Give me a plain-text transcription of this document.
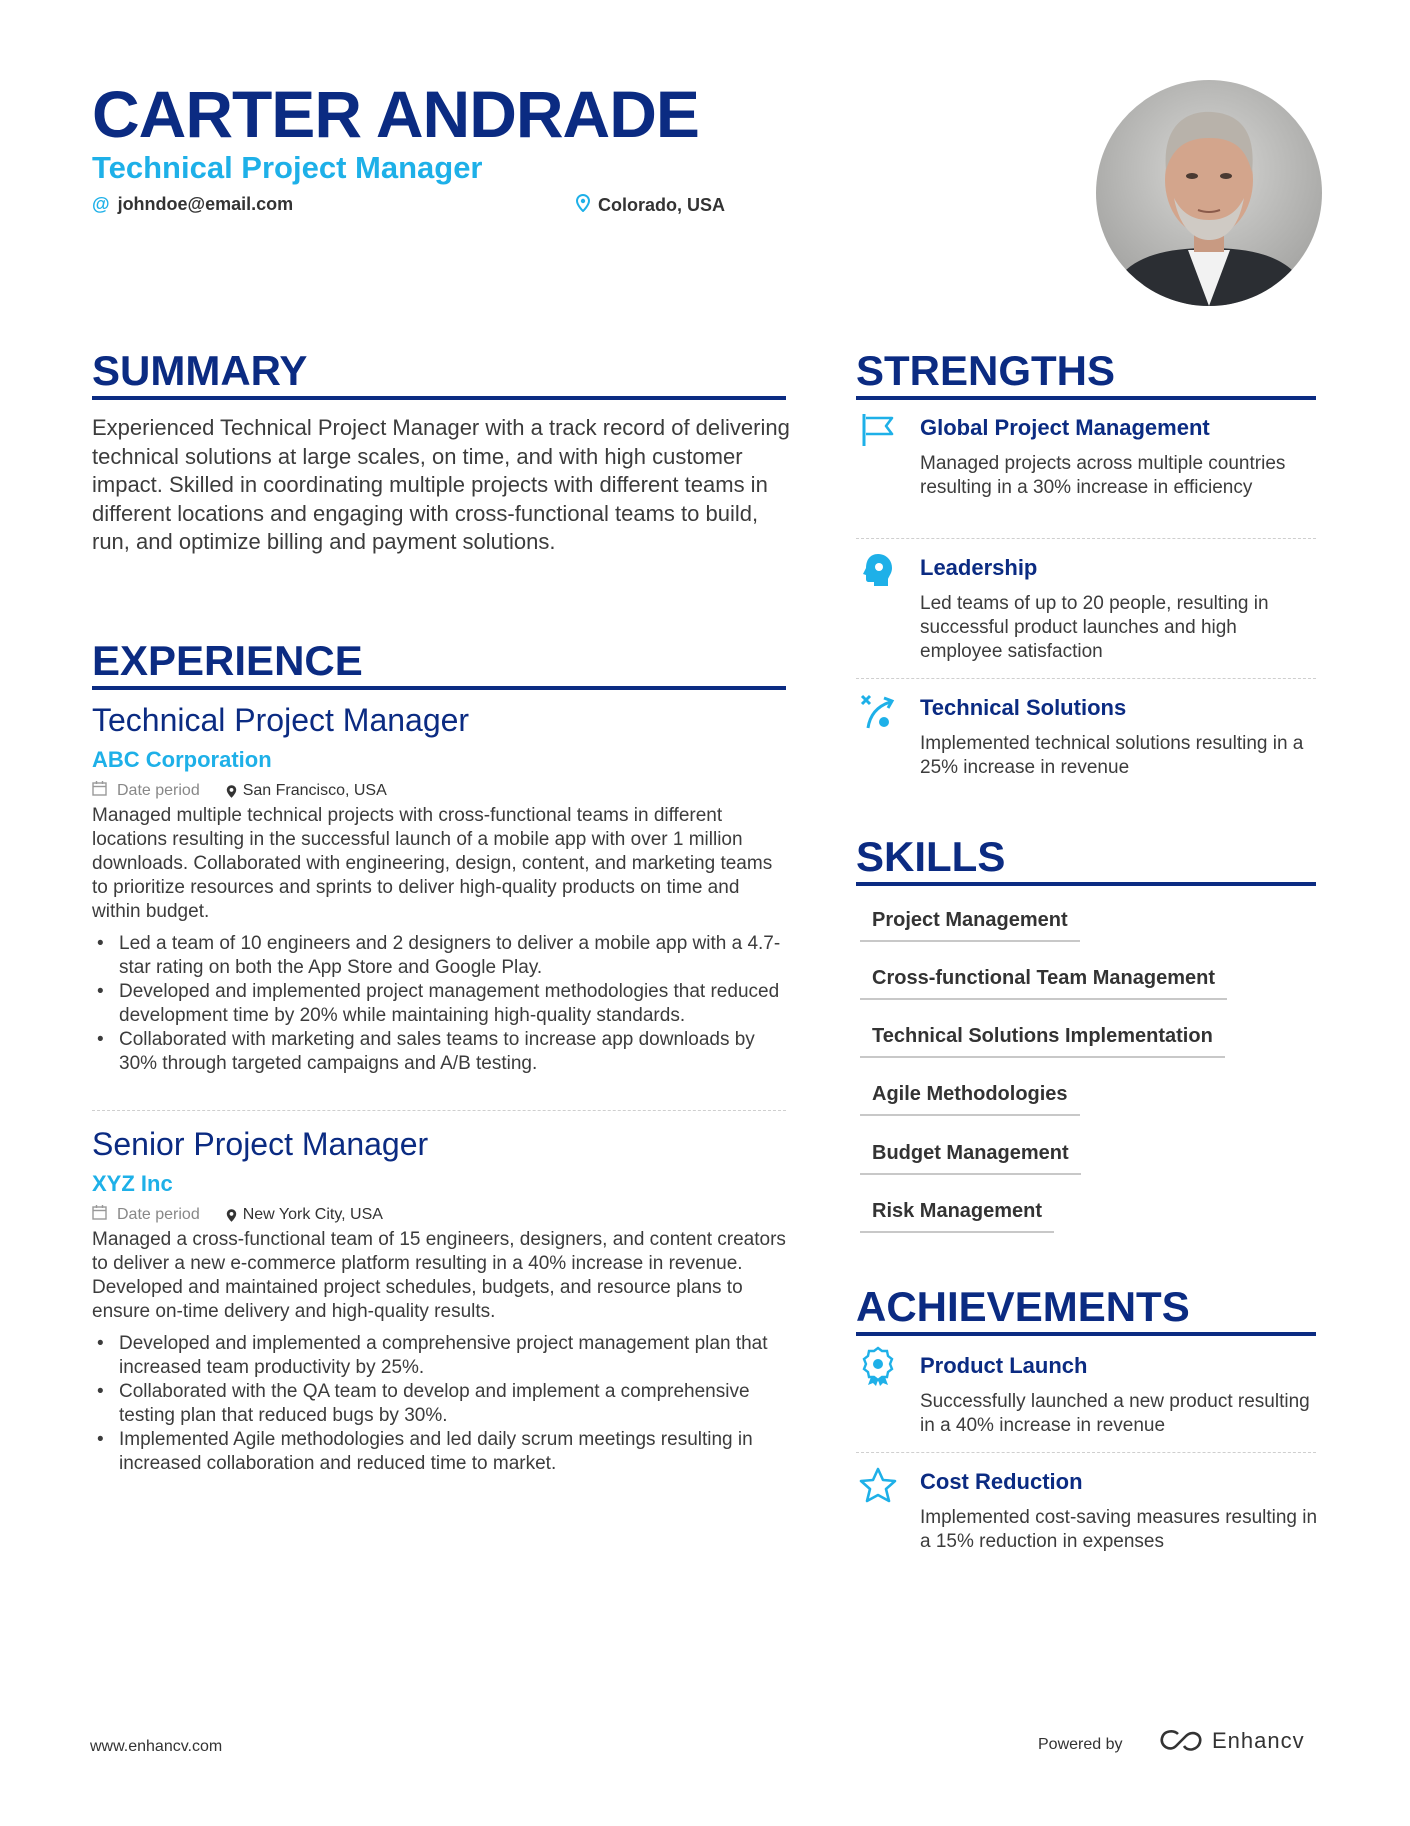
CARTER ANDRADE
Technical Project Manager
@ johndoe@email.com	Colorado, USA
SUMMARY

Experienced Technical Project Manager with a track record of delivering technical solutions at large scales, on time, and with high customer impact. Skilled in coordinating multiple projects with different teams in different locations and engaging with cross-functional teams to build, run, and optimize billing and payment solutions.

EXPERIENCE
Technical Project Manager
ABC Corporation
Date period	San Francisco, USA

Managed multiple technical projects with cross-functional teams in different locations resulting in the successful launch of a mobile app with over 1 million downloads. Collaborated with engineering, design, content, and marketing teams to prioritize resources and sprints to deliver high-quality products on time and within budget.

• Led a team of 10 engineers and 2 designers to deliver a mobile app with a 4.7-star rating on both the App Store and Google Play.
• Developed and implemented project management methodologies that reduced development time by 20% while maintaining high-quality standards.
• Collaborated with marketing and sales teams to increase app downloads by 30% through targeted campaigns and A/B testing.
Senior Project Manager
XYZ Inc
Date period	New York City, USA

Managed a cross-functional team of 15 engineers, designers, and content creators to deliver a new e-commerce platform resulting in a 40% increase in revenue. Developed and maintained project schedules, budgets, and resource plans to ensure on-time delivery and high-quality results.

• Developed and implemented a comprehensive project management plan that increased team productivity by 25%.
• Collaborated with the QA team to develop and implement a comprehensive testing plan that reduced bugs by 30%.
• Implemented Agile methodologies and led daily scrum meetings resulting in increased collaboration and reduced time to market.
STRENGTHS
Global Project Management

Managed projects across multiple countries resulting in a 30% increase in efficiency

Leadership

Led teams of up to 20 people, resulting in successful product launches and high employee satisfaction

Technical Solutions

Implemented technical solutions resulting in a 25% increase in revenue

SKILLS
Project Management
Cross-functional Team Management
Technical Solutions Implementation
Agile Methodologies
Budget Management
Risk Management
ACHIEVEMENTS
Product Launch

Successfully launched a new product resulting in a 40% increase in revenue

Cost Reduction

Implemented cost-saving measures resulting in a 15% reduction in expenses

www.enhancv.com	Powered by	Enhancv
